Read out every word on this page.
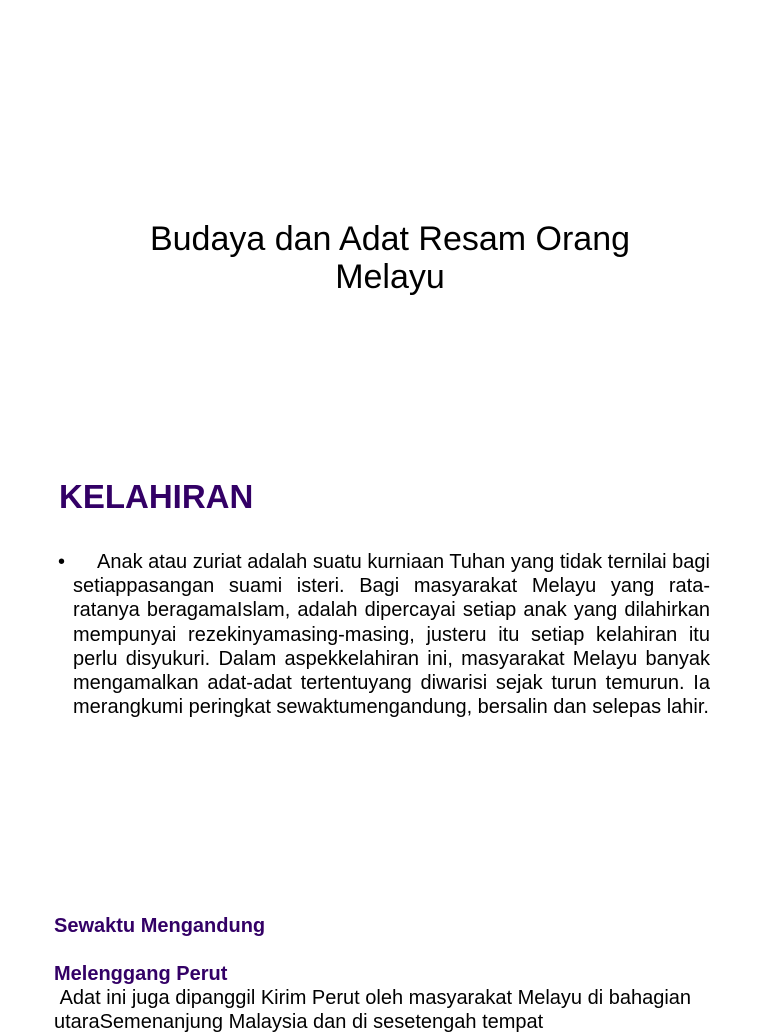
Budaya dan Adat Resam Orang Melayu
KELAHIRAN
•	Anak atau zuriat adalah suatu kurniaan Tuhan yang tidak ternilai bagi setiappasangan suami isteri. Bagi masyarakat Melayu yang rata-ratanya beragamaIslam, adalah dipercayai setiap anak yang dilahirkan mempunyai rezekinyamasing-masing, justeru itu setiap kelahiran itu perlu disyukuri. Dalam aspekkelahiran ini, masyarakat Melayu banyak mengamalkan adat-adat tertentuyang diwarisi sejak turun temurun. Ia merangkumi peringkat sewaktumengandung, bersalin dan selepas lahir.
Sewaktu Mengandung
Melenggang Perut
Adat ini juga dipanggil Kirim Perut oleh masyarakat Melayu di bahagian utaraSemenanjung Malaysia dan di sesetengah tempat
